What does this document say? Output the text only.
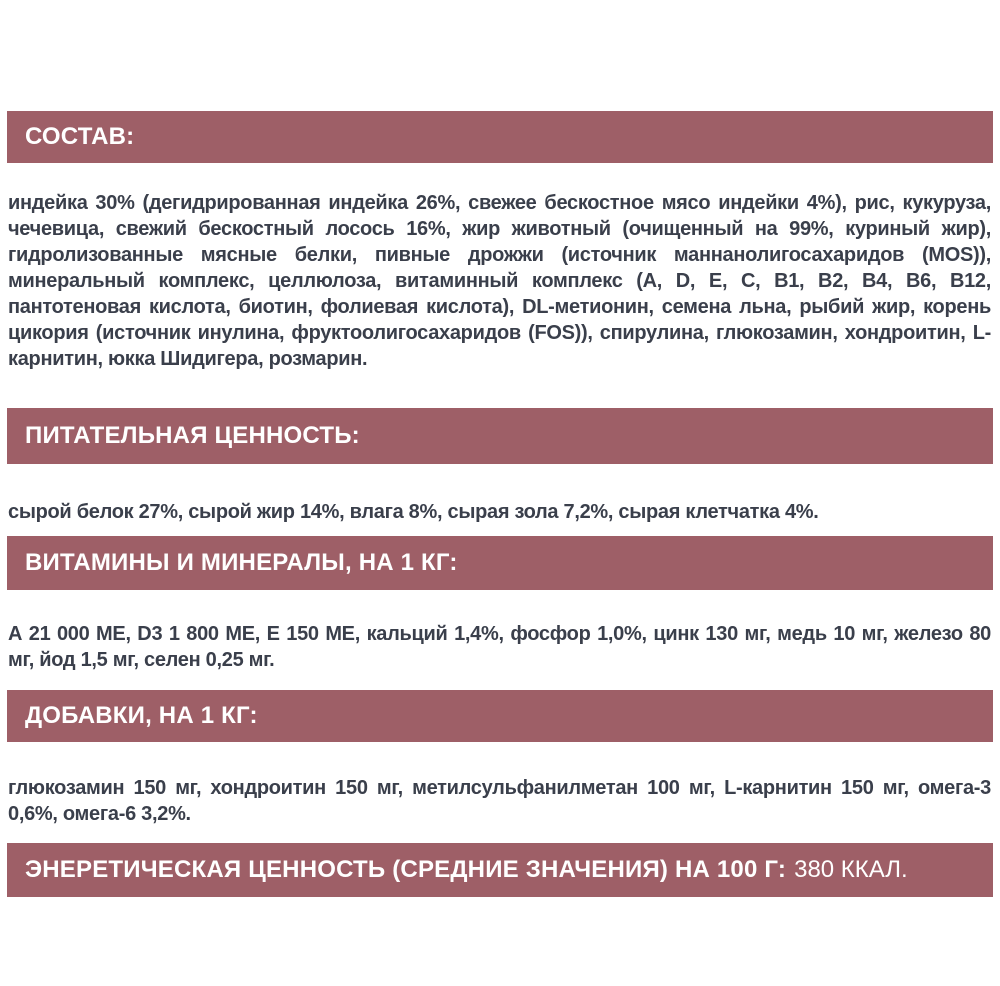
СОСТАВ:

индейка 30% (дегидрированная индейка 26%, свежее бескостное мясо индейки 4%), рис, кукуруза, чечевица, свежий бескостный лосось 16%, жир животный (очищенный на 99%, куриный жир), гидролизованные мясные белки, пивные дрожжи (источник маннанолигосахаридов (MOS)), минеральный комплекс, целлюлоза, витаминный комплекс (A, D, E, C, B1, B2, B4, B6, B12, пантотеновая кислота, биотин, фолиевая кислота), DL-метионин, семена льна, рыбий жир, корень цикория (источник инулина, фруктоолигосахаридов (FOS)), спирулина, глюкозамин, хондроитин, L-карнитин, юкка Шидигера, розмарин.

ПИТАТЕЛЬНАЯ ЦЕННОСТЬ:

сырой белок 27%, сырой жир 14%, влага 8%, сырая зола 7,2%, сырая клетчатка 4%.

ВИТАМИНЫ И МИНЕРАЛЫ, НА 1 КГ:

А 21 000 МЕ, D3 1 800 МЕ, Е 150 МЕ, кальций 1,4%, фосфор 1,0%, цинк 130 мг, медь 10 мг, железо 80 мг, йод 1,5 мг, селен 0,25 мг.

ДОБАВКИ, НА 1 КГ:

глюкозамин 150 мг, хондроитин 150 мг, метилсульфанилметан 100 мг, L-карнитин 150 мг, омега-3 0,6%, омега-6 3,2%.

ЭНЕРЕТИЧЕСКАЯ ЦЕННОСТЬ (СРЕДНИЕ ЗНАЧЕНИЯ) НА 100 Г: 380 ККАЛ.
